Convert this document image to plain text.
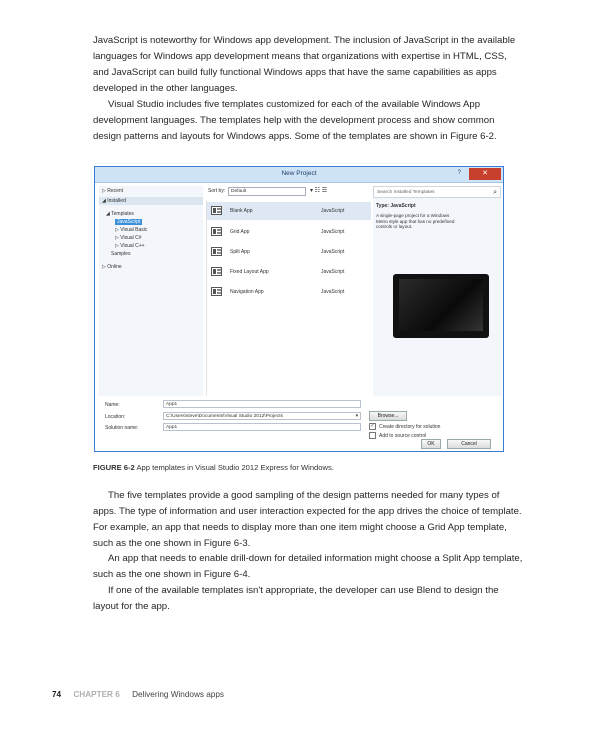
JavaScript is noteworthy for Windows app development. The inclusion of JavaScript in the available languages for Windows app development means that organizations with expertise in HTML, CSS, and JavaScript can build fully functional Windows apps that have the same capabilities as apps developed in the other languages.
Visual Studio includes five templates customized for each of the available Windows App development languages. The templates help with the development process and show common design patterns and layouts for Windows apps. Some of the templates are shown in Figure 6-2.
New Project	?	✕
▷ Recent
◢ Installed
◢ Templates
JavaScript
▷ Visual Basic
▷ Visual C#
▷ Visual C++
Samples
▷ Online
Sort by:	Default	▾ ☷ ☰
Blank App	JavaScript
Grid App	JavaScript
Split App	JavaScript
Fixed Layout App	JavaScript
Navigation App	JavaScript
Search Installed Templates	⌕
Type: JavaScript
A single-page project for a Windows Metro style app that has no predefined controls or layout.
Name:	App1
Location:	C:\Users\steve\Documents\Visual Studio 2012\Projects	▾	Browse...
Solution name:	App1	✓ Create directory for solution
Add to source control
OK	Cancel
FIGURE 6-2 App templates in Visual Studio 2012 Express for Windows.
The five templates provide a good sampling of the design patterns needed for many types of apps. The type of information and user interaction expected for the app drives the choice of template. For example, an app that needs to display more than one item might choose a Grid App template, such as the one shown in Figure 6-3.
An app that needs to enable drill-down for detailed information might choose a Split App template, such as the one shown in Figure 6-4.
If one of the available templates isn't appropriate, the developer can use Blend to design the layout for the app.
74 CHAPTER 6 Delivering Windows apps
